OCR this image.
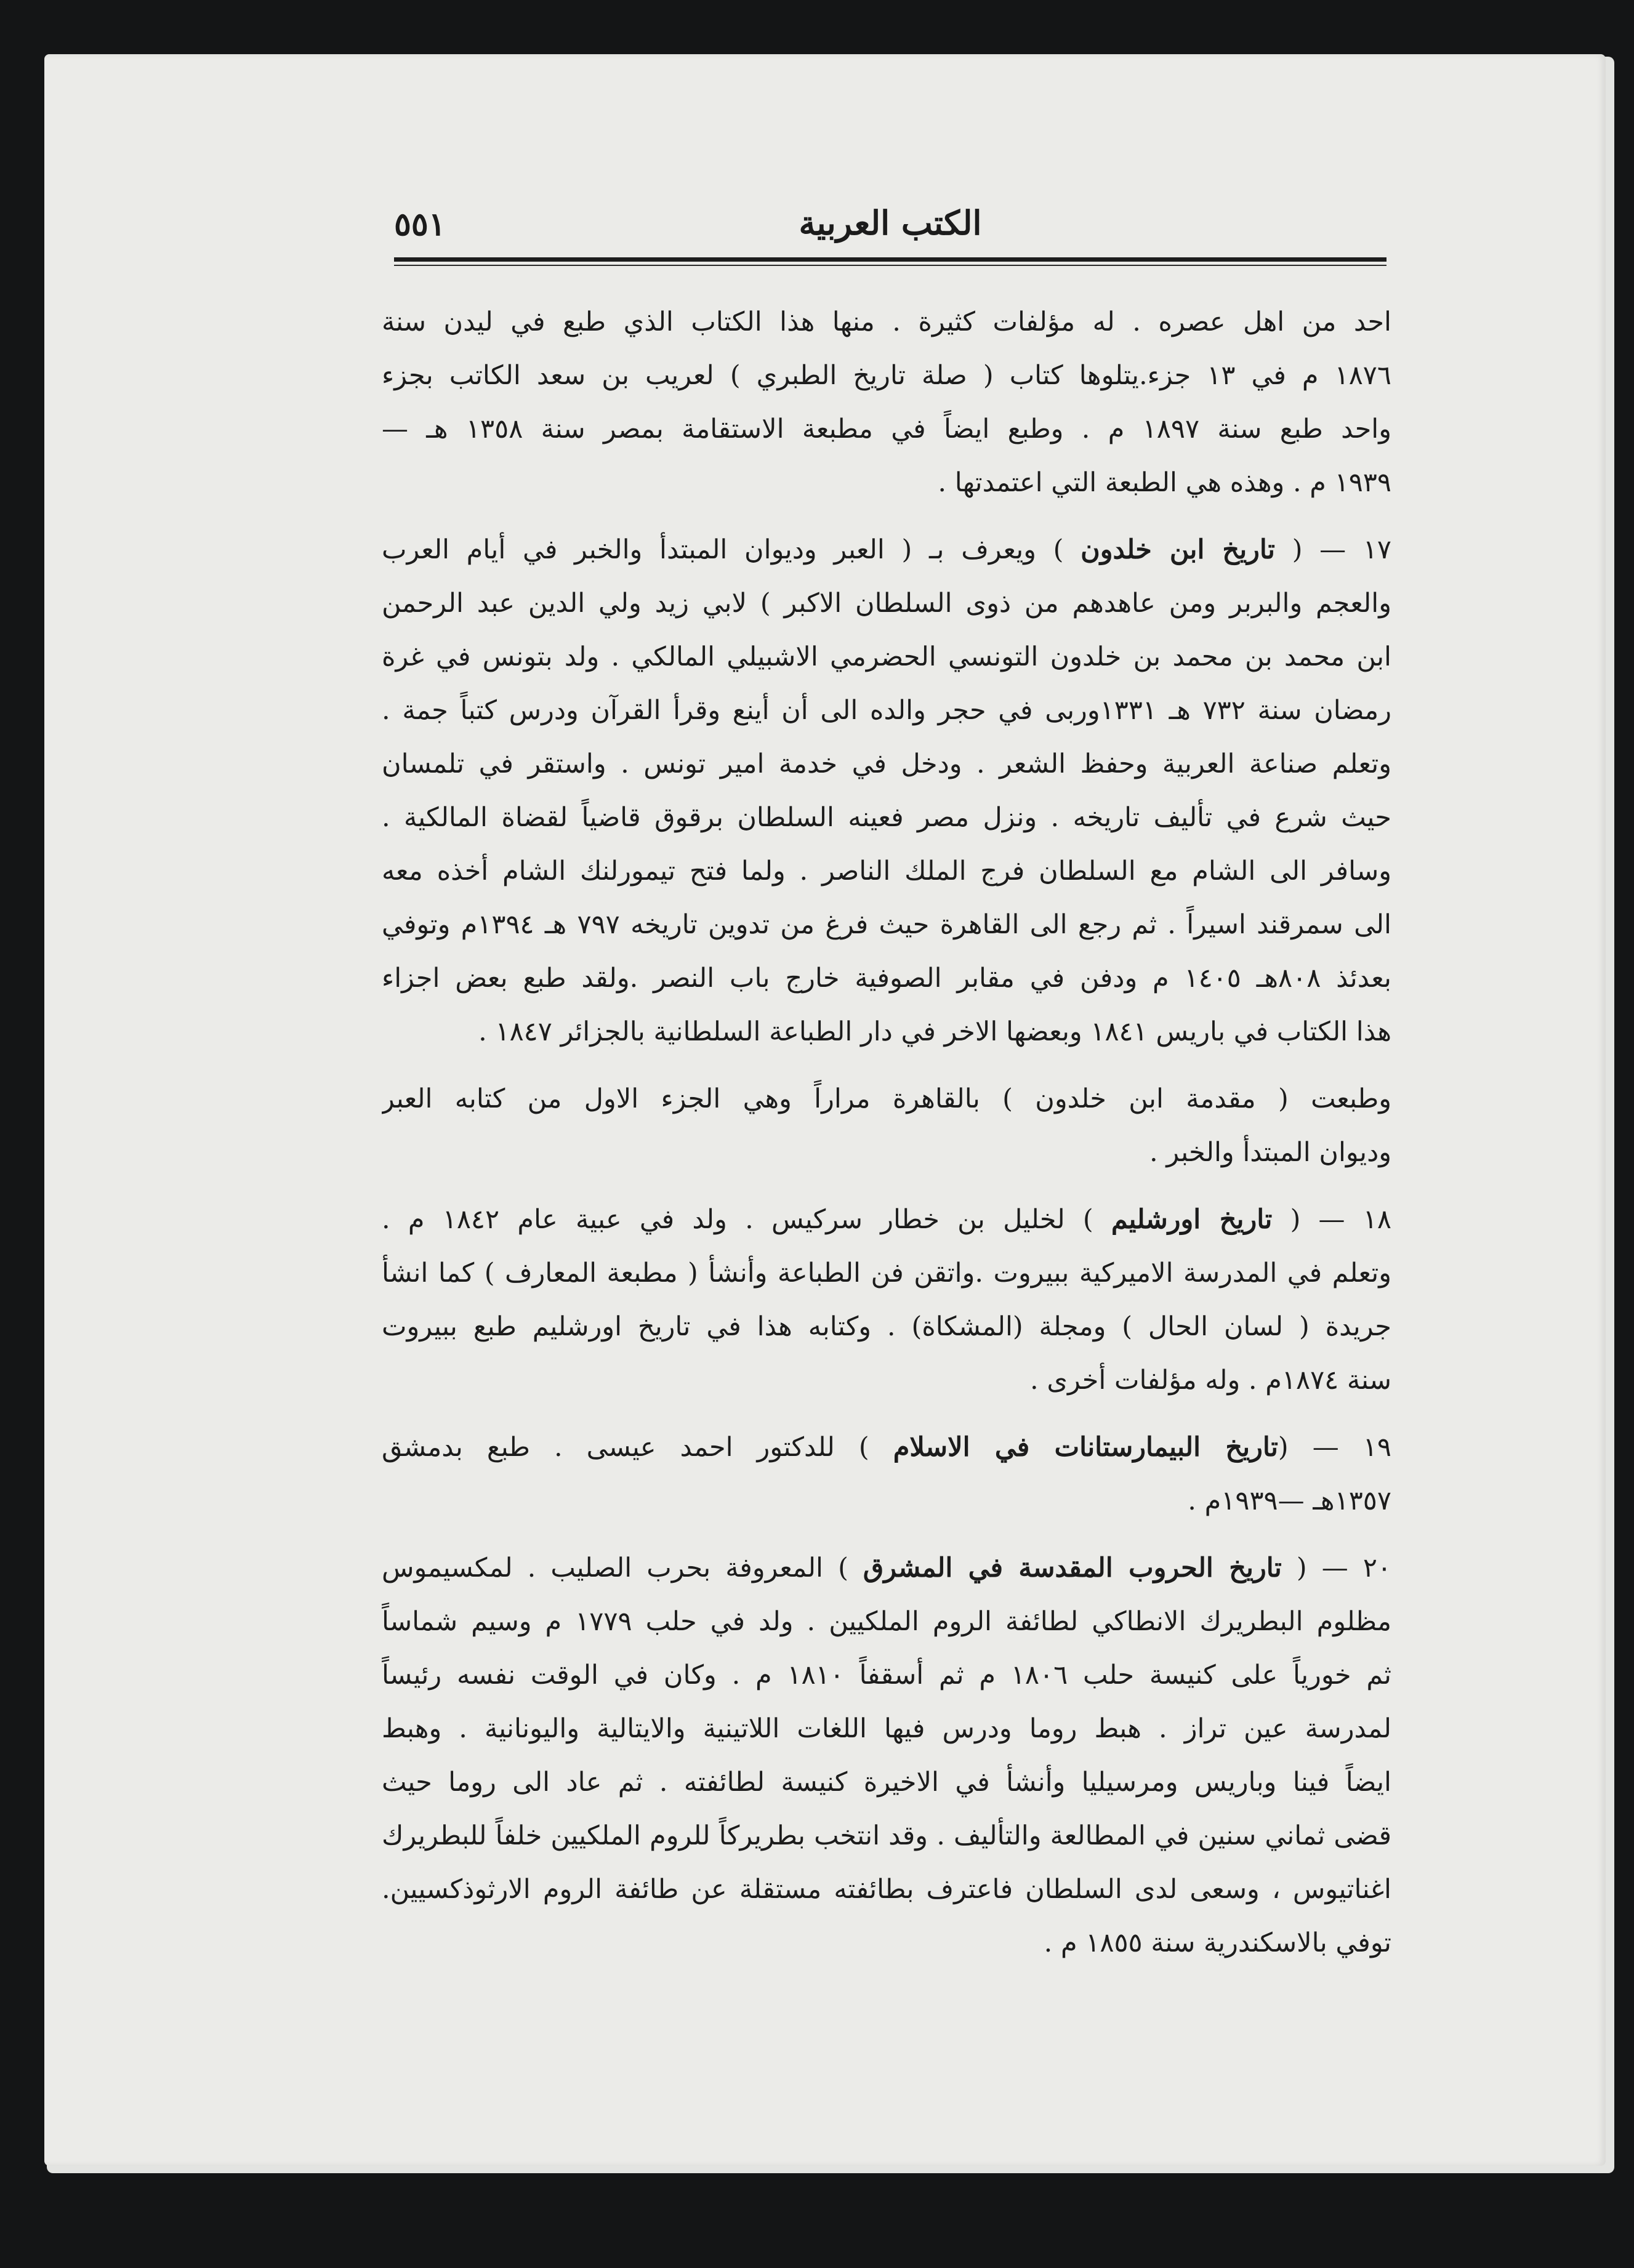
٥٥١	الكتب العربية

احد من اهل عصره . له مؤلفات كثيرة . منها هذا الكتاب الذي طبع في ليدن سنة
١٨٧٦ م في ١٣ جزء.يتلوها كتاب ( صلة تاريخ الطبري ) لعريب بن سعد الكاتب بجزء
واحد طبع سنة ١٨٩٧ م . وطبع ايضاً في مطبعة الاستقامة بمصر سنة ١٣٥٨ هـ —
١٩٣٩ م . وهذه هي الطبعة التي اعتمدتها .

١٧ — ( تاريخ ابن خلدون ) ويعرف بـ ( العبر وديوان المبتدأ والخبر في أيام العرب
والعجم والبربر ومن عاهدهم من ذوى السلطان الاكبر ) لابي زيد ولي الدين عبد الرحمن
ابن محمد بن محمد بن خلدون التونسي الحضرمي الاشبيلي المالكي . ولد بتونس في غرة
رمضان سنة ٧٣٢ هـ ١٣٣١وربى في حجر والده الى أن أينع وقرأ القرآن ودرس كتباً جمة .
وتعلم صناعة العربية وحفظ الشعر . ودخل في خدمة امير تونس . واستقر في تلمسان
حيث شرع في تأليف تاريخه . ونزل مصر فعينه السلطان برقوق قاضياً لقضاة المالكية .
وسافر الى الشام مع السلطان فرج الملك الناصر . ولما فتح تيمورلنك الشام أخذه معه
الى سمرقند اسيراً . ثم رجع الى القاهرة حيث فرغ من تدوين تاريخه ٧٩٧ هـ ١٣٩٤م وتوفي
بعدئذ ٨٠٨هـ ١٤٠٥ م ودفن في مقابر الصوفية خارج باب النصر .ولقد طبع بعض اجزاء
هذا الكتاب في باريس ١٨٤١ وبعضها الاخر في دار الطباعة السلطانية بالجزائر ١٨٤٧ .

وطبعت ( مقدمة ابن خلدون ) بالقاهرة مراراً وهي الجزء الاول من كتابه العبر
وديوان المبتدأ والخبر .

١٨ — ( تاريخ اورشليم ) لخليل بن خطار سركيس . ولد في عبية عام ١٨٤٢ م .
وتعلم في المدرسة الاميركية ببيروت .واتقن فن الطباعة وأنشأ ( مطبعة المعارف ) كما انشأ
جريدة ( لسان الحال ) ومجلة (المشكاة) . وكتابه هذا في تاريخ اورشليم طبع ببيروت
سنة ١٨٧٤م . وله مؤلفات أخرى .

١٩ — (تاريخ البيمارستانات في الاسلام ) للدكتور احمد عيسى . طبع بدمشق
١٣٥٧هـ —١٩٣٩م .

٢٠ — ( تاريخ الحروب المقدسة في المشرق ) المعروفة بحرب الصليب . لمكسيموس
مظلوم البطريرك الانطاكي لطائفة الروم الملكيين . ولد في حلب ١٧٧٩ م وسيم شماساً
ثم خورياً على كنيسة حلب ١٨٠٦ م ثم أسقفاً ١٨١٠ م . وكان في الوقت نفسه رئيساً
لمدرسة عين تراز . هبط روما ودرس فيها اللغات اللاتينية والايتالية واليونانية . وهبط
ايضاً فينا وباريس ومرسيليا وأنشأ في الاخيرة كنيسة لطائفته . ثم عاد الى روما حيث
قضى ثماني سنين في المطالعة والتأليف . وقد انتخب بطريركاً للروم الملكيين خلفاً للبطريرك
اغناتيوس ، وسعى لدى السلطان فاعترف بطائفته مستقلة عن طائفة الروم الارثوذكسيين.
توفي بالاسكندرية سنة ١٨٥٥ م .
